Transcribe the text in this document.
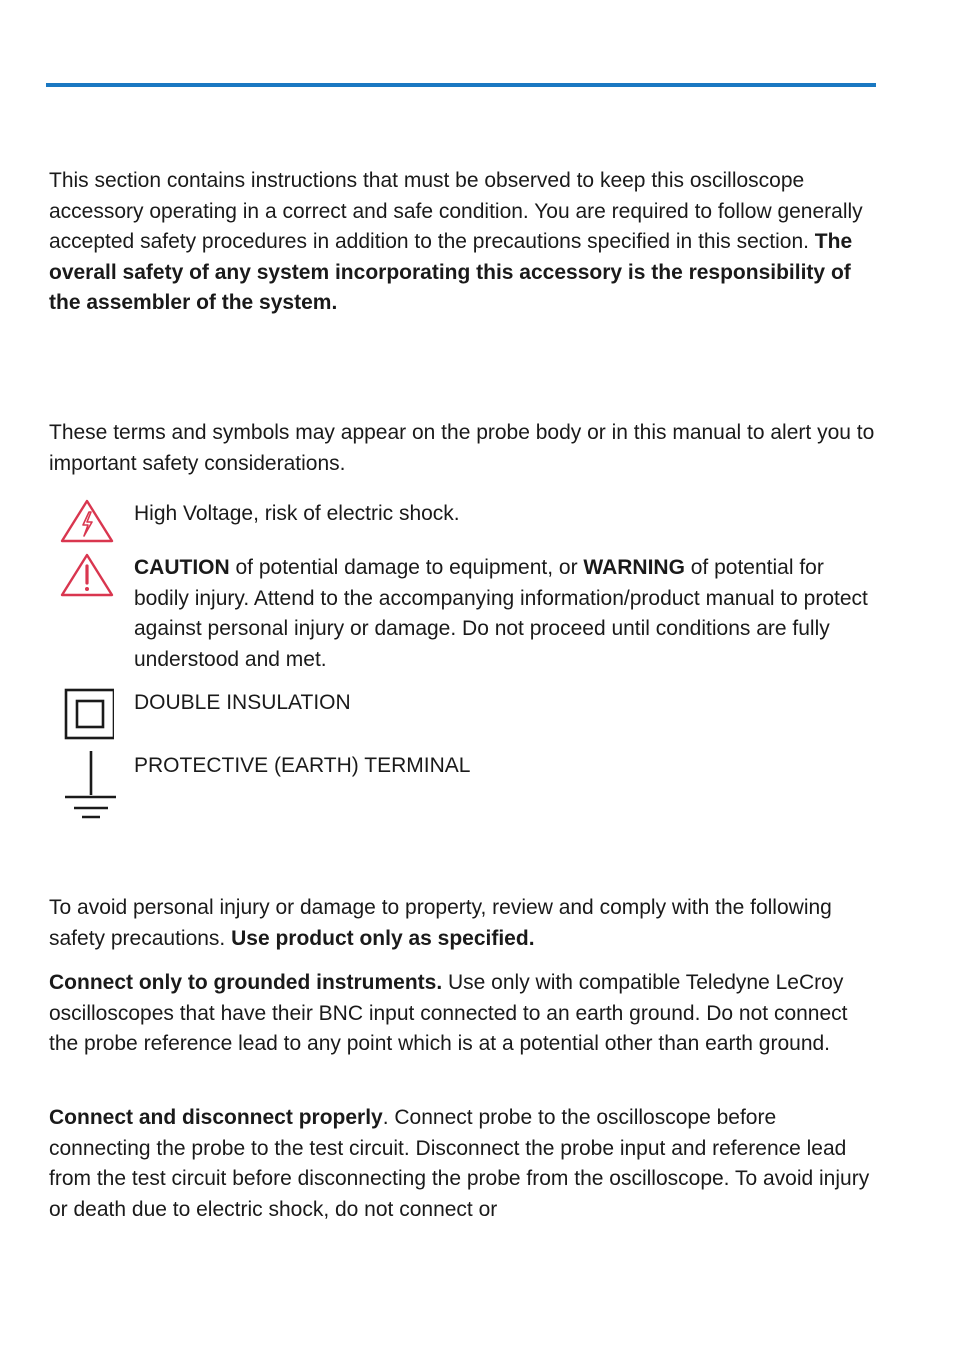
This section contains instructions that must be observed to keep this oscilloscope accessory operating in a correct and safe condition. You are required to follow generally accepted safety procedures in addition to the precautions specified in this section. The overall safety of any system incorporating this accessory is the responsibility of the assembler of the system.

These terms and symbols may appear on the probe body or in this manual to alert you to important safety considerations.

High Voltage, risk of electric shock.

CAUTION of potential damage to equipment, or WARNING of potential for bodily injury. Attend to the accompanying information/product manual to protect against personal injury or damage. Do not proceed until conditions are fully understood and met.

DOUBLE INSULATION

PROTECTIVE (EARTH) TERMINAL

To avoid personal injury or damage to property, review and comply with the following safety precautions. Use product only as specified.

Connect only to grounded instruments. Use only with compatible Teledyne LeCroy oscilloscopes that have their BNC input connected to an earth ground. Do not connect the probe reference lead to any point which is at a potential other than earth ground.

Connect and disconnect properly. Connect probe to the oscilloscope before connecting the probe to the test circuit. Disconnect the probe input and reference lead from the test circuit before disconnecting the probe from the oscilloscope. To avoid injury or death due to electric shock, do not connect or
